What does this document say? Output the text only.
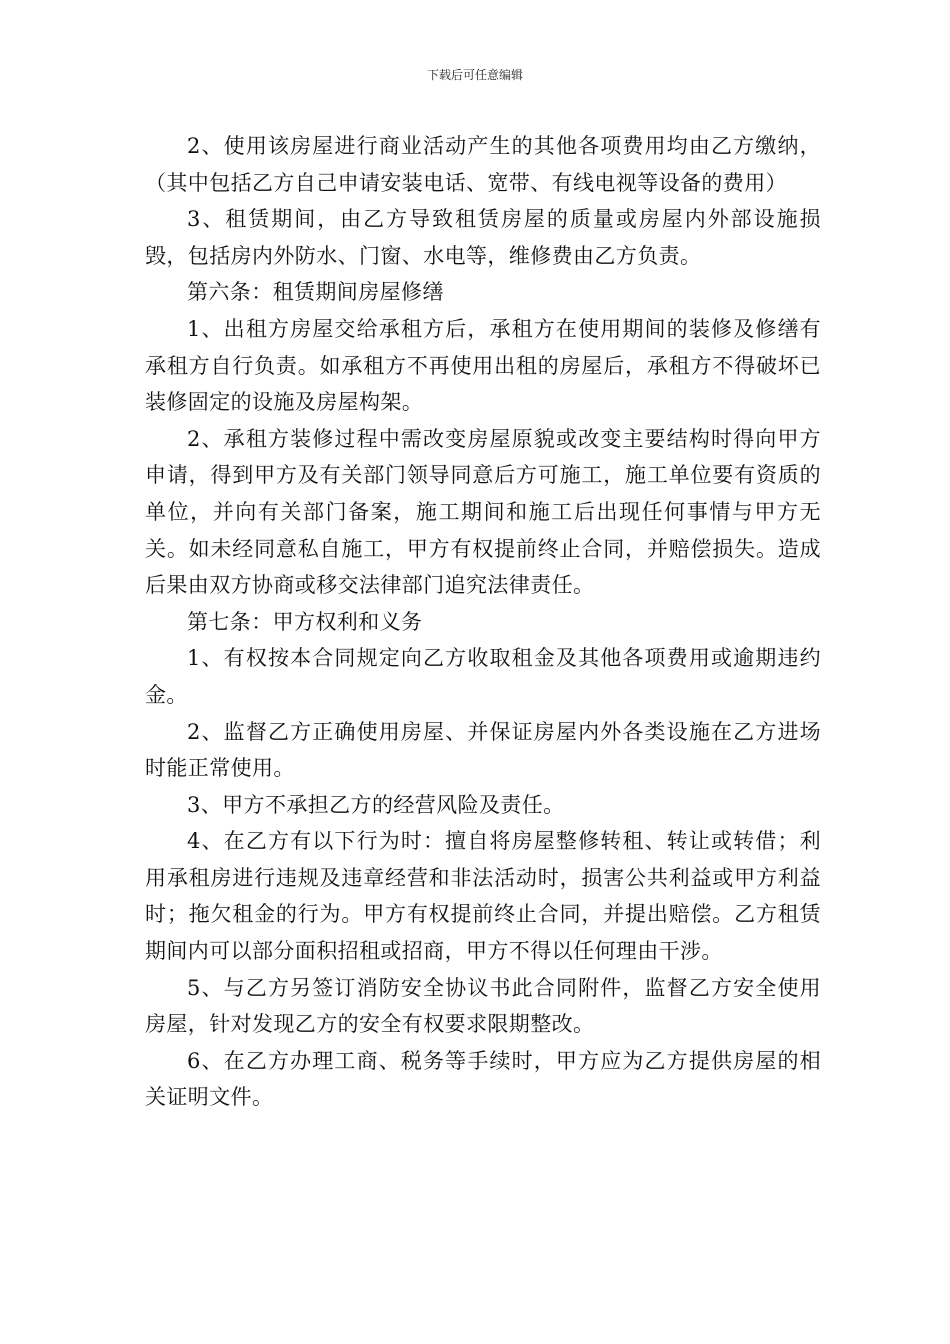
下载后可任意编辑

2、使用该房屋进行商业活动产生的其他各项费用均由乙方缴纳，（其中包括乙方自己申请安装电话、宽带、有线电视等设备的费用）

3、租赁期间，由乙方导致租赁房屋的质量或房屋内外部设施损毁，包括房内外防水、门窗、水电等，维修费由乙方负责。

第六条：租赁期间房屋修缮

1、出租方房屋交给承租方后，承租方在使用期间的装修及修缮有承租方自行负责。如承租方不再使用出租的房屋后，承租方不得破坏已装修固定的设施及房屋构架。

2、承租方装修过程中需改变房屋原貌或改变主要结构时得向甲方申请，得到甲方及有关部门领导同意后方可施工，施工单位要有资质的单位，并向有关部门备案，施工期间和施工后出现任何事情与甲方无关。如未经同意私自施工，甲方有权提前终止合同，并赔偿损失。造成后果由双方协商或移交法律部门追究法律责任。

第七条：甲方权利和义务

1、有权按本合同规定向乙方收取租金及其他各项费用或逾期违约金。

2、监督乙方正确使用房屋、并保证房屋内外各类设施在乙方进场时能正常使用。

3、甲方不承担乙方的经营风险及责任。

4、在乙方有以下行为时：擅自将房屋整修转租、转让或转借；利用承租房进行违规及违章经营和非法活动时，损害公共利益或甲方利益时；拖欠租金的行为。甲方有权提前终止合同，并提出赔偿。乙方租赁期间内可以部分面积招租或招商，甲方不得以任何理由干涉。

5、与乙方另签订消防安全协议书此合同附件，监督乙方安全使用房屋，针对发现乙方的安全有权要求限期整改。

6、在乙方办理工商、税务等手续时，甲方应为乙方提供房屋的相关证明文件。
